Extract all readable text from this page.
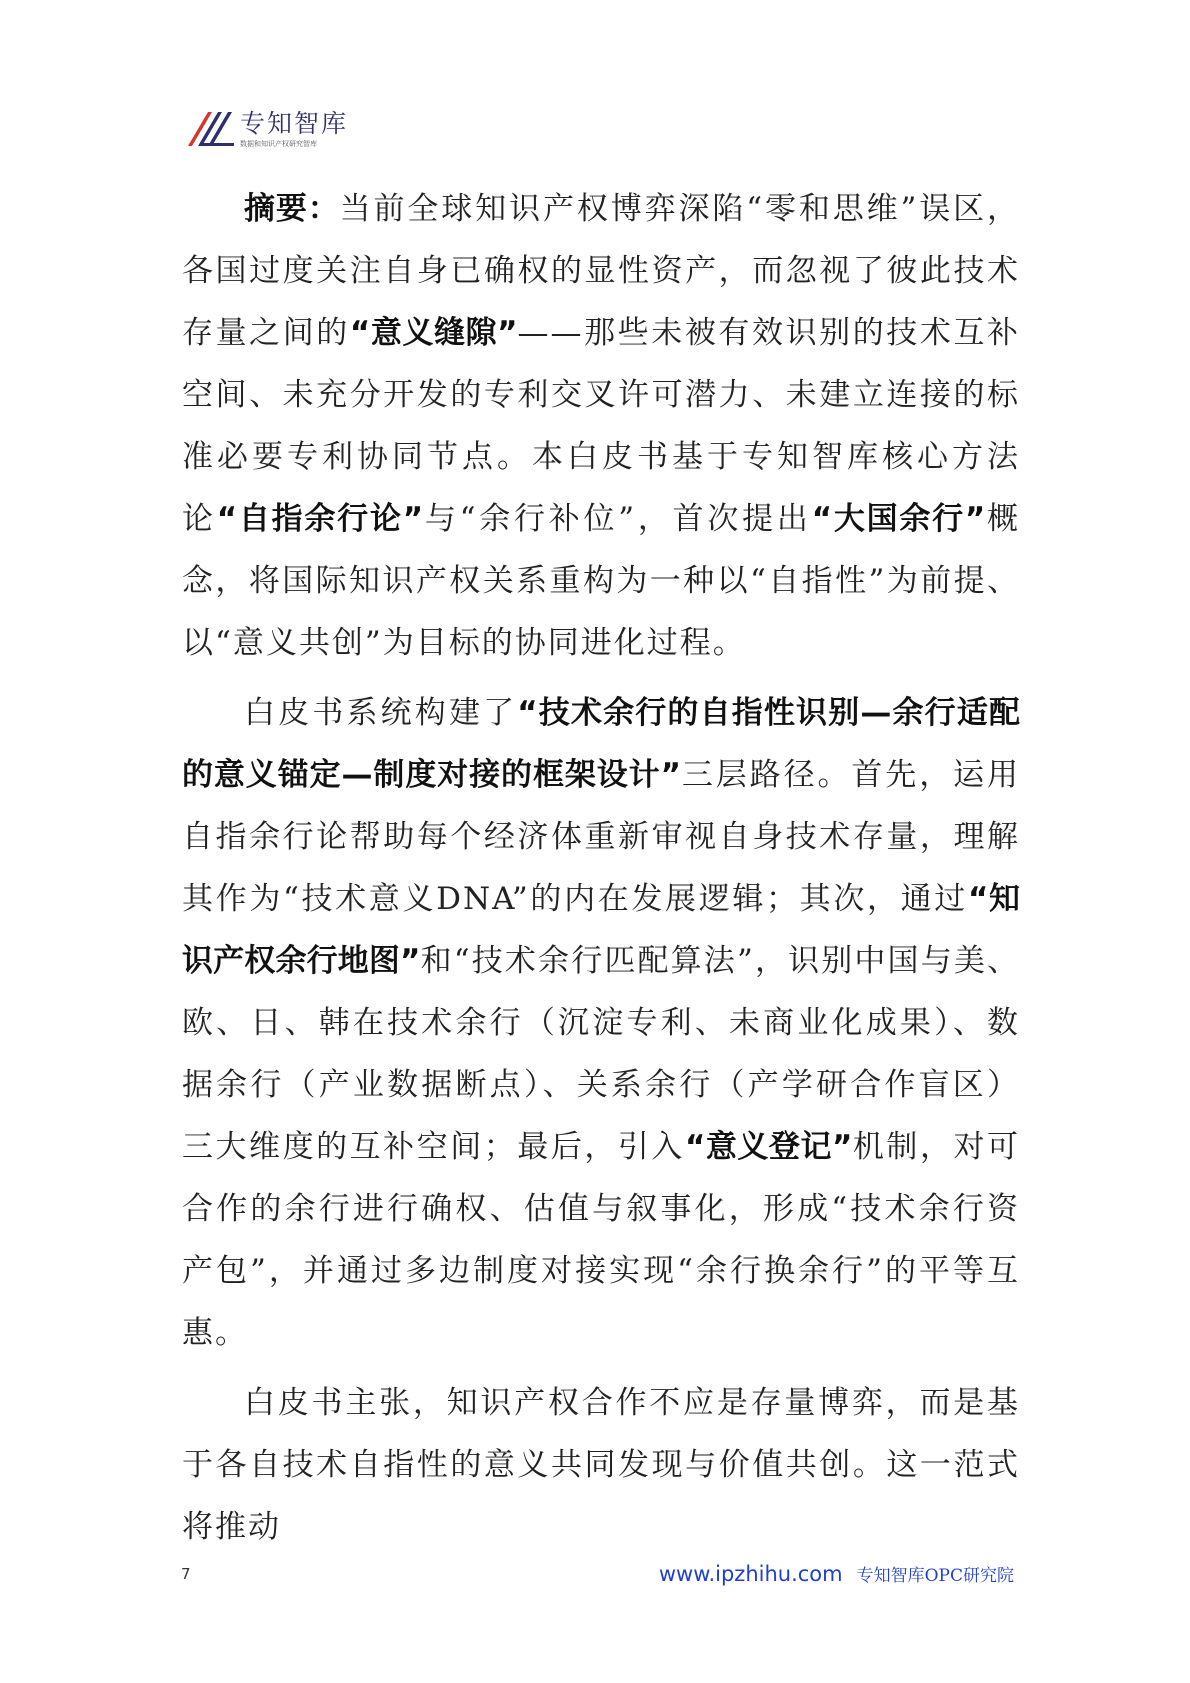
专知智库
数据和知识产权研究智库

摘要：当前全球知识产权博弈深陷“零和思维”误区，各国过度关注自身已确权的显性资产，而忽视了彼此技术存量之间的“意义缝隙”——那些未被有效识别的技术互补空间、未充分开发的专利交叉许可潜力、未建立连接的标准必要专利协同节点。本白皮书基于专知智库核心方法论“自指余行论”与“余行补位”，首次提出“大国余行”概念，将国际知识产权关系重构为一种以“自指性”为前提、以“意义共创”为目标的协同进化过程。

白皮书系统构建了“技术余行的自指性识别—余行适配的意义锚定—制度对接的框架设计”三层路径。首先，运用自指余行论帮助每个经济体重新审视自身技术存量，理解其作为“技术意义DNA”的内在发展逻辑；其次，通过“知识产权余行地图”和“技术余行匹配算法”，识别中国与美、欧、日、韩在技术余行（沉淀专利、未商业化成果）、数据余行（产业数据断点）、关系余行（产学研合作盲区）三大维度的互补空间；最后，引入“意义登记”机制，对可合作的余行进行确权、估值与叙事化，形成“技术余行资产包”，并通过多边制度对接实现“余行换余行”的平等互惠。

白皮书主张，知识产权合作不应是存量博弈，而是基于各自技术自指性的意义共同发现与价值共创。这一范式将推动

7	www.ipzhihu.com 专知智库OPC研究院
